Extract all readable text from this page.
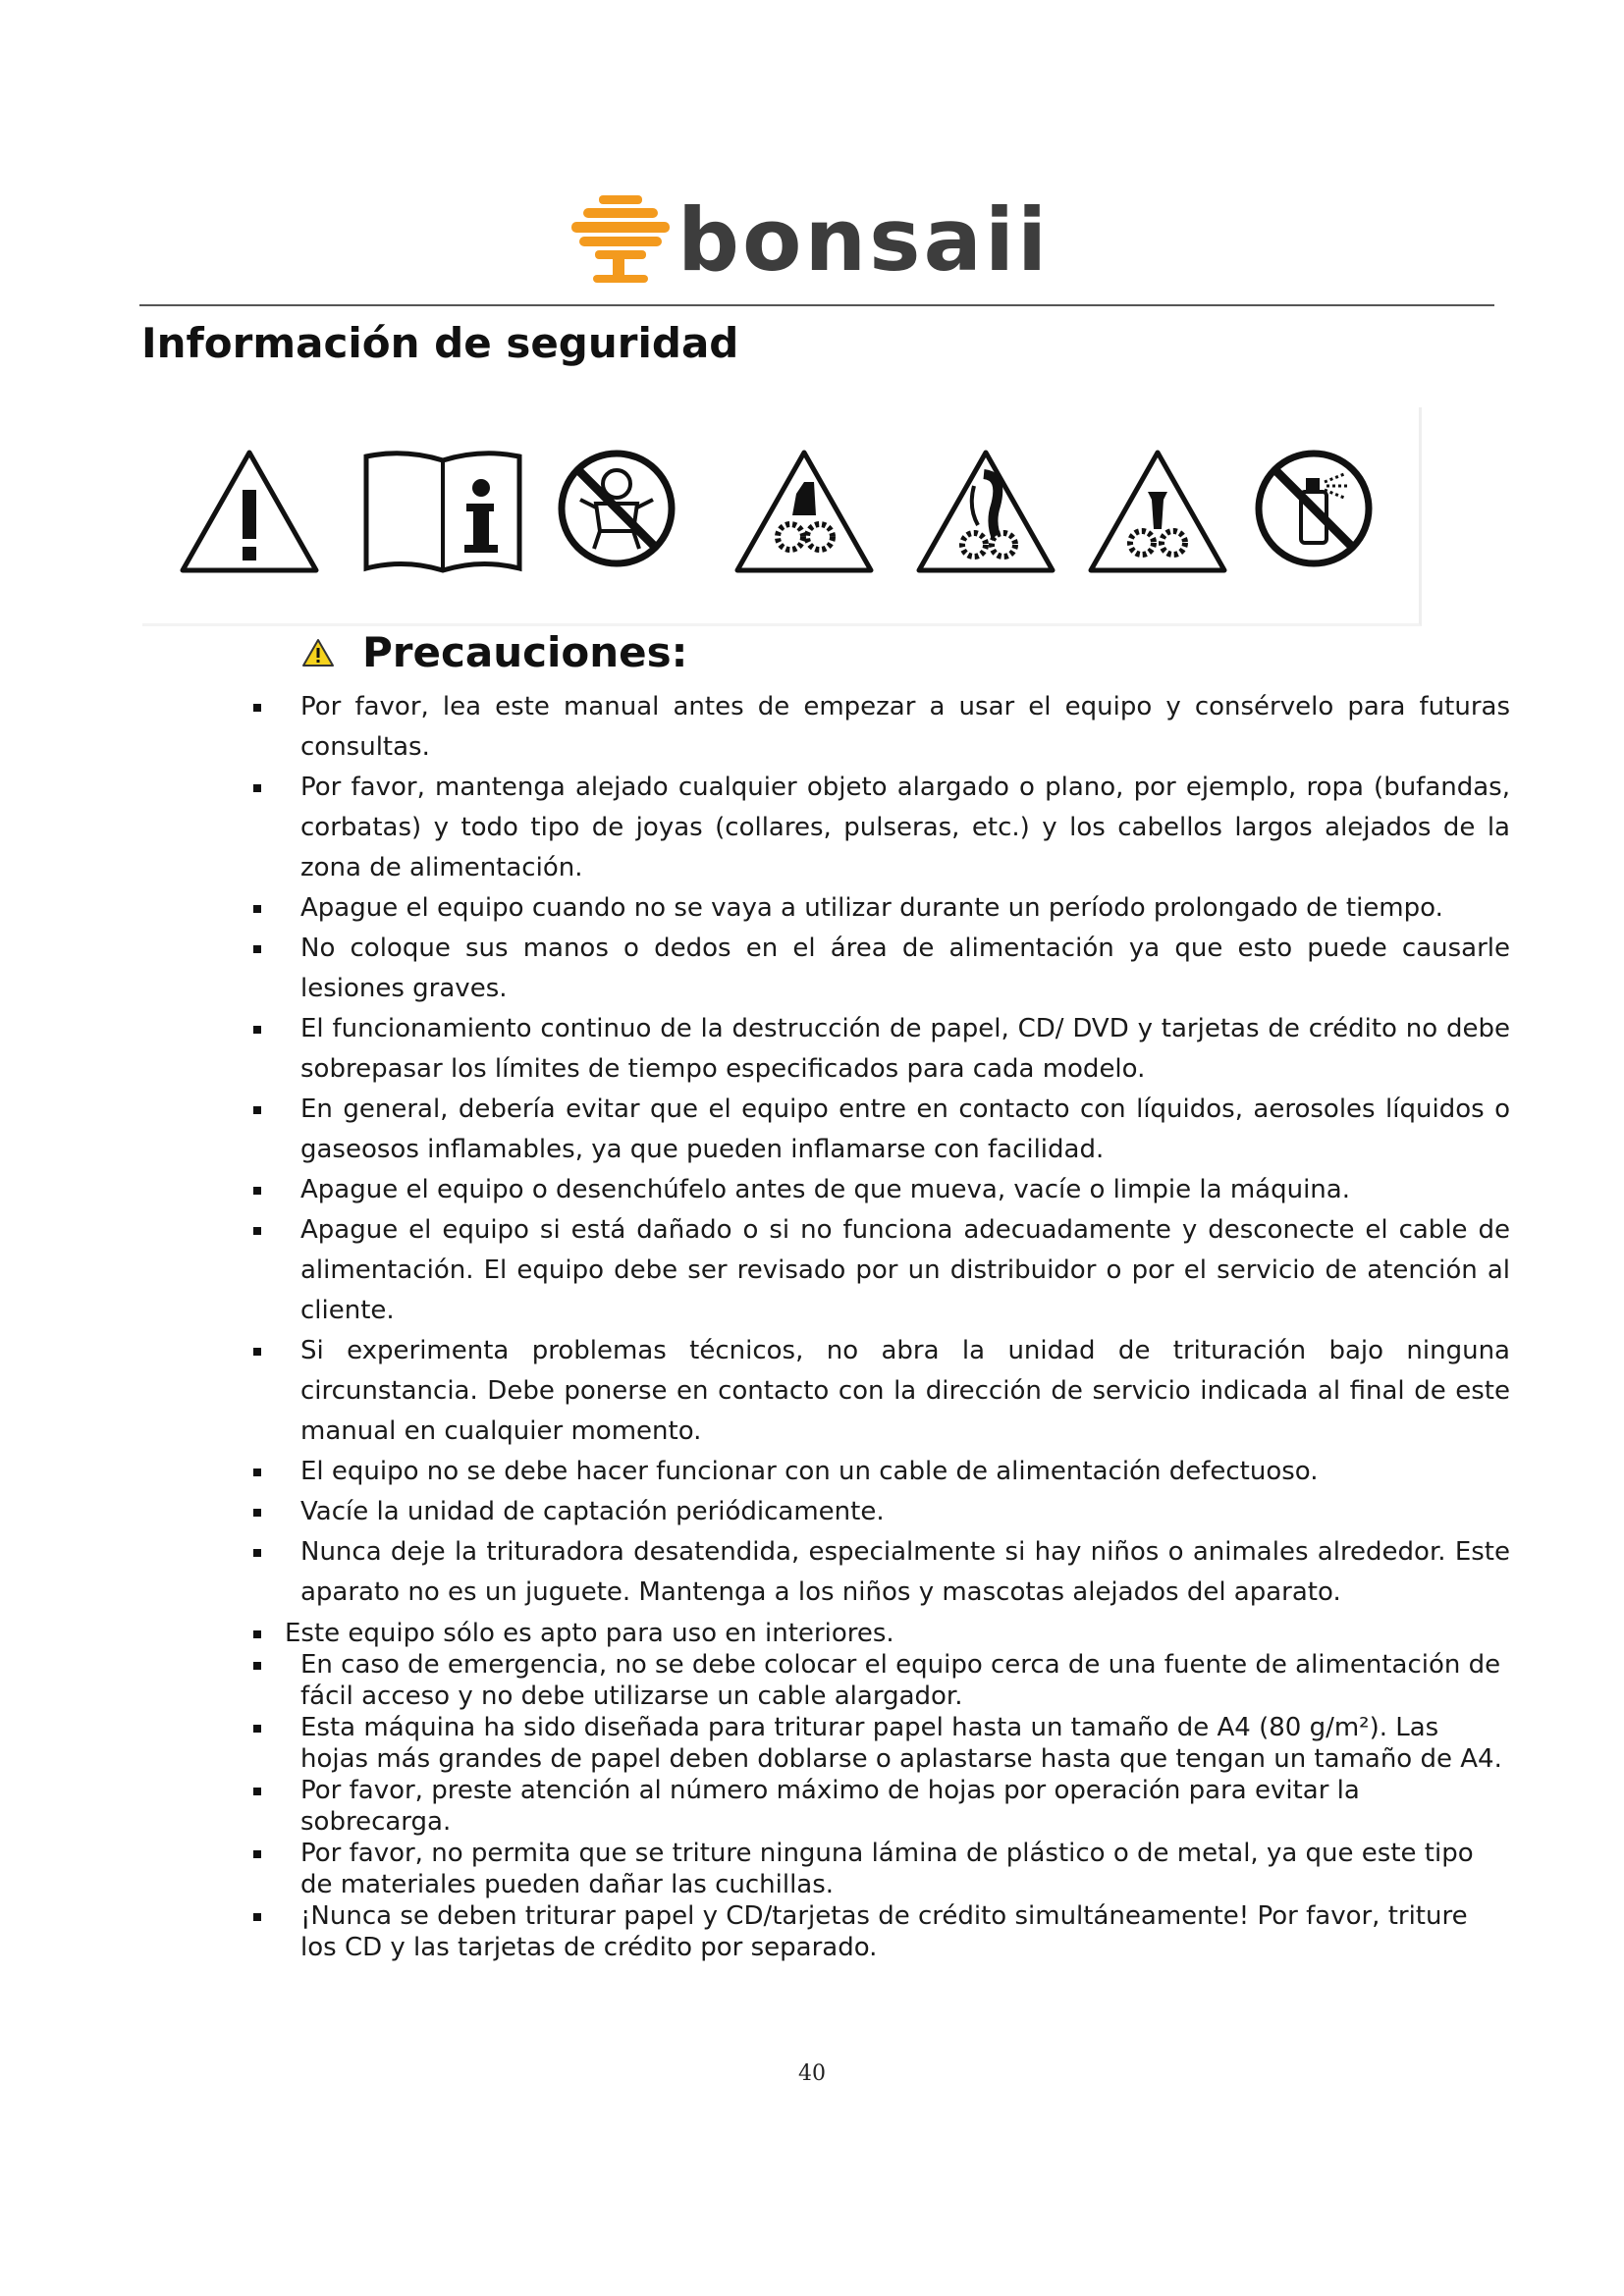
bonsaii
Información de seguridad
Precauciones:
Por favor, lea este manual antes de empezar a usar el equipo y consérvelo para futuras consultas.
Por favor, mantenga alejado cualquier objeto alargado o plano, por ejemplo, ropa (bufandas, corbatas) y todo tipo de joyas (collares, pulseras, etc.) y los cabellos largos alejados de la zona de alimentación.
Apague el equipo cuando no se vaya a utilizar durante un período prolongado de tiempo.
No coloque sus manos o dedos en el área de alimentación ya que esto puede causarle lesiones graves.
El funcionamiento continuo de la destrucción de papel, CD/ DVD y tarjetas de crédito no debe sobrepasar los límites de tiempo especificados para cada modelo.
En general, debería evitar que el equipo entre en contacto con líquidos, aerosoles líquidos o gaseosos inflamables, ya que pueden inflamarse con facilidad.
Apague el equipo o desenchúfelo antes de que mueva, vacíe o limpie la máquina.
Apague el equipo si está dañado o si no funciona adecuadamente y desconecte el cable de alimentación. El equipo debe ser revisado por un distribuidor o por el servicio de atención al cliente.
Si experimenta problemas técnicos, no abra la unidad de trituración bajo ninguna circunstancia. Debe ponerse en contacto con la dirección de servicio indicada al final de este manual en cualquier momento.
El equipo no se debe hacer funcionar con un cable de alimentación defectuoso.
Vacíe la unidad de captación periódicamente.
Nunca deje la trituradora desatendida, especialmente si hay niños o animales alrededor. Este aparato no es un juguete. Mantenga a los niños y mascotas alejados del aparato.
Este equipo sólo es apto para uso en interiores.
En caso de emergencia, no se debe colocar el equipo cerca de una fuente de alimentación de fácil acceso y no debe utilizarse un cable alargador.
Esta máquina ha sido diseñada para triturar papel hasta un tamaño de A4 (80 g/m²). Las hojas más grandes de papel deben doblarse o aplastarse hasta que tengan un tamaño de A4.
Por favor, preste atención al número máximo de hojas por operación para evitar la sobrecarga.
Por favor, no permita que se triture ninguna lámina de plástico o de metal, ya que este tipo de materiales pueden dañar las cuchillas.
¡Nunca se deben triturar papel y CD/tarjetas de crédito simultáneamente! Por favor, triture los CD y las tarjetas de crédito por separado.
40
